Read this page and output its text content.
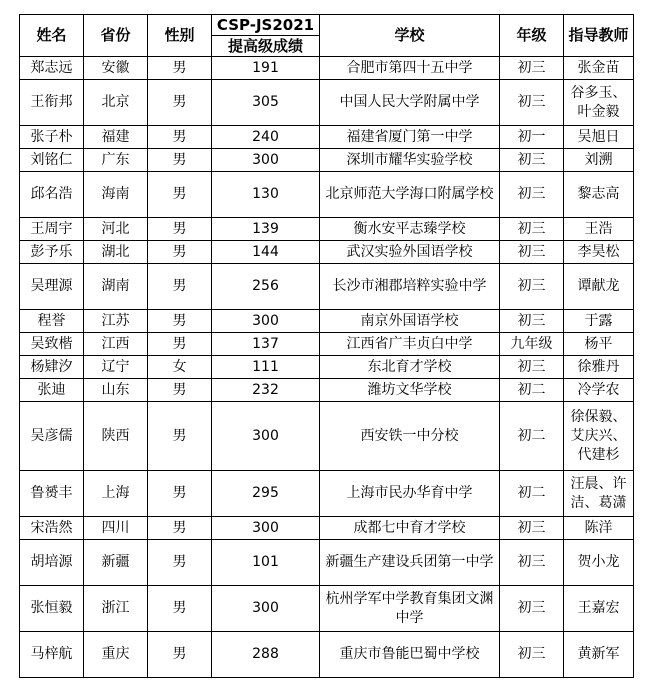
姓名	省份	性别	CSP-JS2021	学校	年级	指导教师
			提高级成绩			
郑志远	安徽	男	191	合肥市第四十五中学	初三	张金苗
王衔邦	北京	男	305	中国人民大学附属中学	初三	谷多玉、叶金毅
张子朴	福建	男	240	福建省厦门第一中学	初一	吴旭日
刘铭仁	广东	男	300	深圳市耀华实验学校	初三	刘溯
邱名浩	海南	男	130	北京师范大学海口附属学校	初三	黎志高
王周宇	河北	男	139	衡水安平志臻学校	初三	王浩
彭予乐	湖北	男	144	武汉实验外国语学校	初三	李昊松
吴理源	湖南	男	256	长沙市湘郡培粹实验中学	初三	谭献龙
程誉	江苏	男	300	南京外国语学校	初三	于露
吴致楷	江西	男	137	江西省广丰贞白中学	九年级	杨平
杨肄汐	辽宁	女	111	东北育才学校	初三	徐雅丹
张迪	山东	男	232	潍坊文华学校	初二	冷学农
吴彦儒	陕西	男	300	西安铁一中分校	初二	徐保毅、艾庆兴、代建杉
鲁赟丰	上海	男	295	上海市民办华育中学	初二	汪晨、许洁、葛潇
宋浩然	四川	男	300	成都七中育才学校	初三	陈洋
胡培源	新疆	男	101	新疆生产建设兵团第一中学	初三	贺小龙
张恒毅	浙江	男	300	杭州学军中学教育集团文渊中学	初三	王嘉宏
马梓航	重庆	男	288	重庆市鲁能巴蜀中学校	初三	黄新军
